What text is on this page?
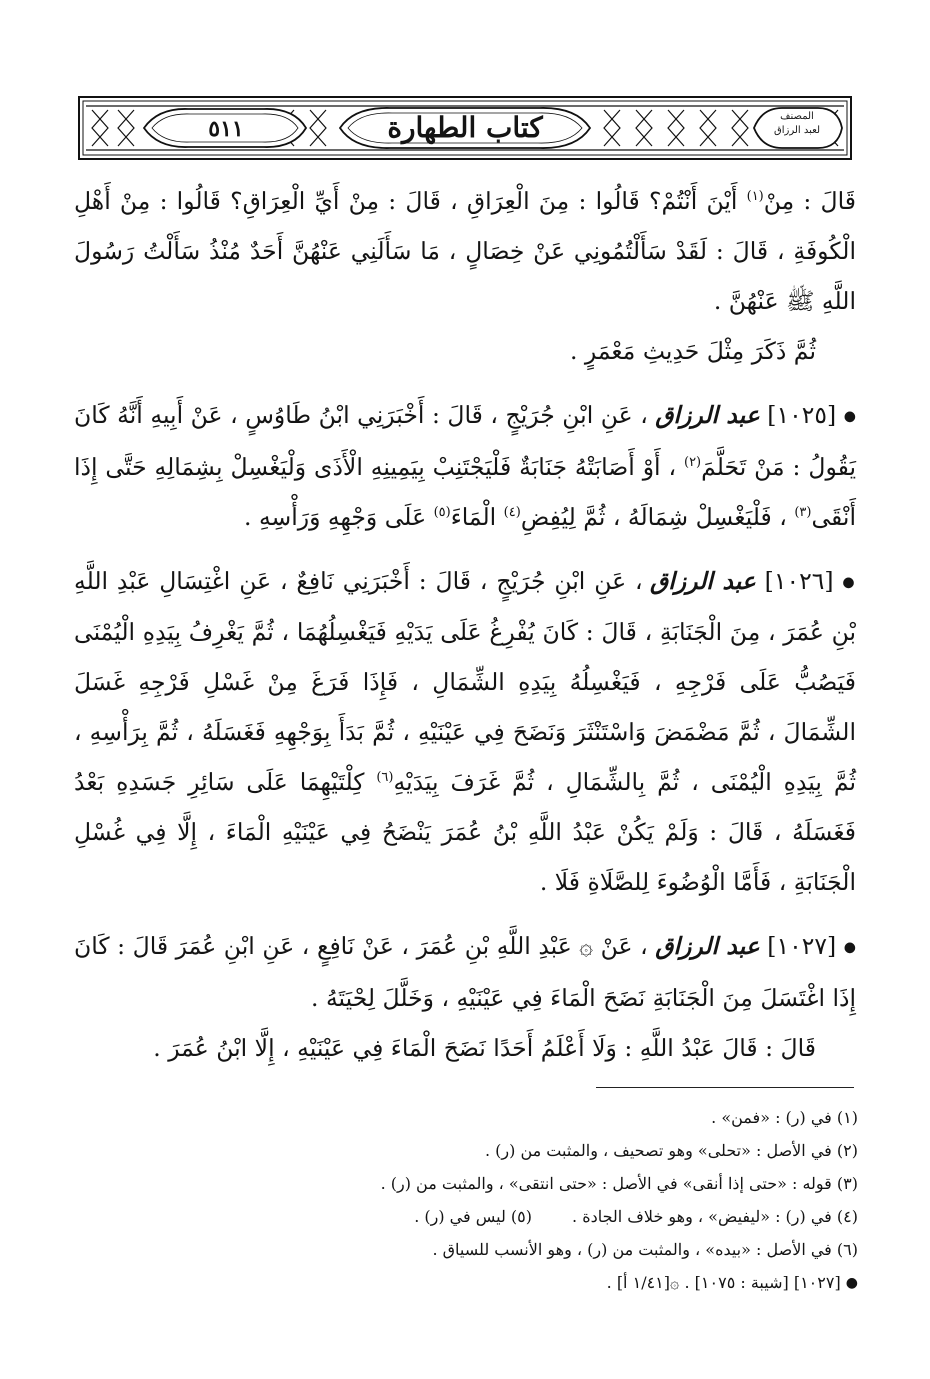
٥١١	كتاب الطهارة	المصنف
لعبد الرزاق

قَالَ : مِنْ$^{(١)}$ أَيْنَ أَنْتُمْ؟ قَالُوا : مِنَ الْعِرَاقِ ، قَالَ : مِنْ أَيِّ الْعِرَاقِ؟ قَالُوا : مِنْ أَهْلِ الْكُوفَةِ ، قَالَ : لَقَدْ سَأَلْتُمُونِي عَنْ خِصَالٍ ، مَا سَأَلَنِي عَنْهُنَّ أَحَدٌ مُنْذُ سَأَلْتُ رَسُولَ اللَّهِ ﷺ عَنْهُنَّ .

ثُمَّ ذَكَرَ مِثْلَ حَدِيثِ مَعْمَرٍ .

● [١٠٢٥] عبد الرزاق ، عَنِ ابْنِ جُرَيْجٍ ، قَالَ : أَخْبَرَنِي ابْنُ طَاوُسٍ ، عَنْ أَبِيهِ أَنَّهُ كَانَ يَقُولُ : مَنْ تَحَلَّمَ$^{(٢)}$ ، أَوْ أَصَابَتْهُ جَنَابَةٌ فَلْيَجْتَنِبْ بِيَمِينِهِ الْأَذَى وَلْيَغْسِلْ بِشِمَالِهِ حَتَّى إِذَا أَنْقَى$^{(٣)}$ ، فَلْيَغْسِلْ شِمَالَهُ ، ثُمَّ لِيُفِضِ$^{(٤)}$ الْمَاءَ$^{(٥)}$ عَلَى وَجْهِهِ وَرَأْسِهِ .

● [١٠٢٦] عبد الرزاق ، عَنِ ابْنِ جُرَيْجٍ ، قَالَ : أَخْبَرَنِي نَافِعٌ ، عَنِ اغْتِسَالِ عَبْدِ اللَّهِ بْنِ عُمَرَ ، مِنَ الْجَنَابَةِ ، قَالَ : كَانَ يُفْرِغُ عَلَى يَدَيْهِ فَيَغْسِلُهُمَا ، ثُمَّ يَغْرِفُ بِيَدِهِ الْيُمْنَى فَيَصُبُّ عَلَى فَرْجِهِ ، فَيَغْسِلُهُ بِيَدِهِ الشِّمَالِ ، فَإِذَا فَرَغَ مِنْ غَسْلِ فَرْجِهِ غَسَلَ الشِّمَالَ ، ثُمَّ مَضْمَضَ وَاسْتَنْثَرَ وَنَضَحَ فِي عَيْنَيْهِ ، ثُمَّ بَدَأَ بِوَجْهِهِ فَغَسَلَهُ ، ثُمَّ بِرَأْسِهِ ، ثُمَّ بِيَدِهِ الْيُمْنَى ، ثُمَّ بِالشِّمَالِ ، ثُمَّ غَرَفَ بِيَدَيْهِ$^{(٦)}$ كِلْتَيْهِمَا عَلَى سَائِرِ جَسَدِهِ بَعْدُ فَغَسَلَهُ ، قَالَ : وَلَمْ يَكُنْ عَبْدُ اللَّهِ بْنُ عُمَرَ يَنْضَحُ فِي عَيْنَيْهِ الْمَاءَ ، إِلَّا فِي غُسْلِ الْجَنَابَةِ ، فَأَمَّا الْوُضُوءَ لِلصَّلَاةِ فَلَا .

● [١٠٢٧] عبد الرزاق ، عَنْ ۞ عَبْدِ اللَّهِ بْنِ عُمَرَ ، عَنْ نَافِعٍ ، عَنِ ابْنِ عُمَرَ قَالَ : كَانَ إِذَا اغْتَسَلَ مِنَ الْجَنَابَةِ نَضَحَ الْمَاءَ فِي عَيْنَيْهِ ، وَخَلَّلَ لِحْيَتَهُ .

قَالَ : قَالَ عَبْدُ اللَّهِ : وَلَا أَعْلَمُ أَحَدًا نَضَحَ الْمَاءَ فِي عَيْنَيْهِ ، إِلَّا ابْنُ عُمَرَ .

(١) في (ر) : «فمن» .

(٢) في الأصل : «تحلى» وهو تصحيف ، والمثبت من (ر) .

(٣) قوله : «حتى إذا أنقى» في الأصل : «حتى انتقى» ، والمثبت من (ر) .

(٤) في (ر) : «ليفيض» ، وهو خلاف الجادة .(٥) ليس في (ر) .

(٦) في الأصل : «بيده» ، والمثبت من (ر) ، وهو الأنسب للسياق .

● [١٠٢٧] [شيبة : ١٠٧٥] . ۞[١/٤١ أ] .
